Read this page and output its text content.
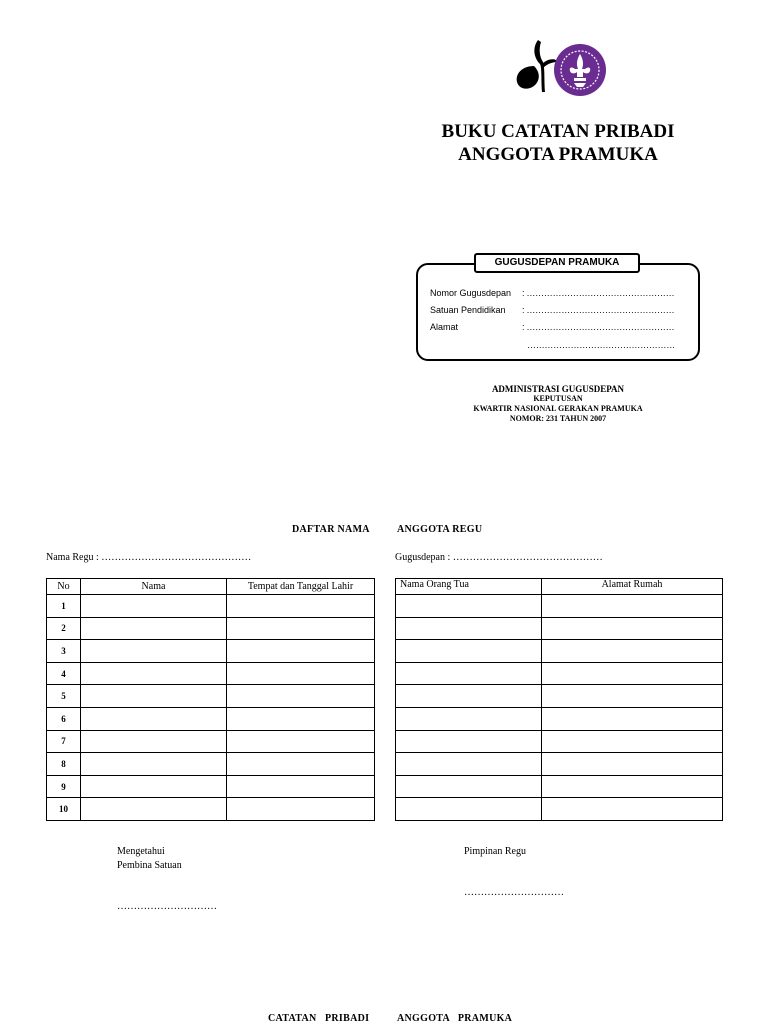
BUKU CATATAN PRIBADI
ANGGOTA PRAMUKA
GUGUSDEPAN PRAMUKA
Nomor Gugusdepan : ……………………………………………
Satuan Pendidikan : ……………………………………………
Alamat	: ……………………………………………
……………………………………………
ADMINISTRASI GUGUSDEPAN
KEPUTUSAN
KWARTIR NASIONAL GERAKAN PRAMUKA
NOMOR: 231 TAHUN 2007
DAFTAR NAMA	ANGGOTA REGU
Nama Regu : ………………………………………	Gugusdepan : ………………………………………
No	Nama	Tempat dan Tanggal Lahir
1		
2		
3		
4		
5		
6		
7		
8		
9		
10		
Nama Orang Tua	Alamat Rumah

Mengetahui
Pembina Satuan
…………………………
Pimpinan Regu
…………………………
CATATAN   PRIBADI	ANGGOTA   PRAMUKA
